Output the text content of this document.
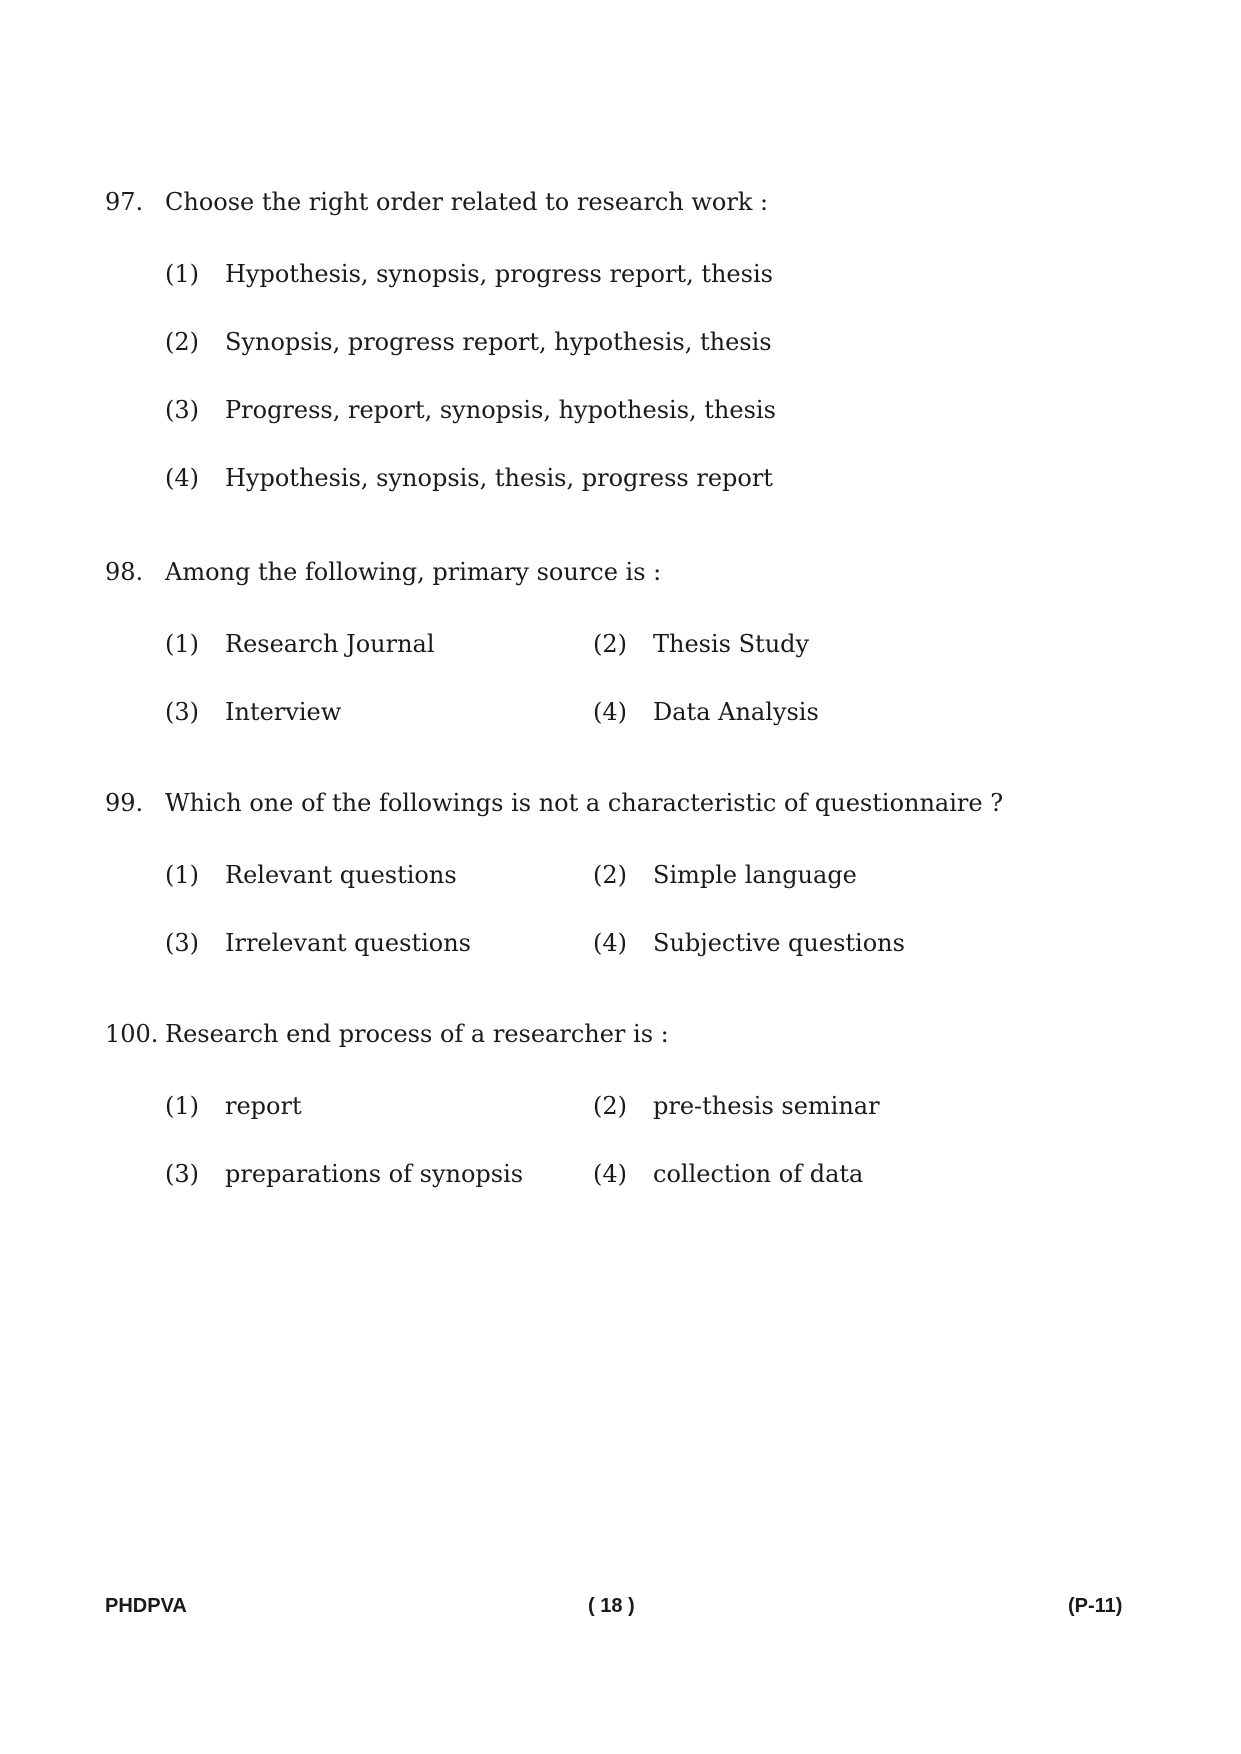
97. Choose the right order related to research work :
(1) Hypothesis, synopsis, progress report, thesis
(2) Synopsis, progress report, hypothesis, thesis
(3) Progress, report, synopsis, hypothesis, thesis
(4) Hypothesis, synopsis, thesis, progress report
98. Among the following, primary source is :
(1) Research Journal	(2) Thesis Study
(3) Interview	(4) Data Analysis
99. Which one of the followings is not a characteristic of questionnaire ?
(1) Relevant questions	(2) Simple language
(3) Irrelevant questions	(4) Subjective questions
100. Research end process of a researcher is :
(1) report	(2) pre-thesis seminar
(3) preparations of synopsis	(4) collection of data
PHDPVA	( 18 )	(P-11)
